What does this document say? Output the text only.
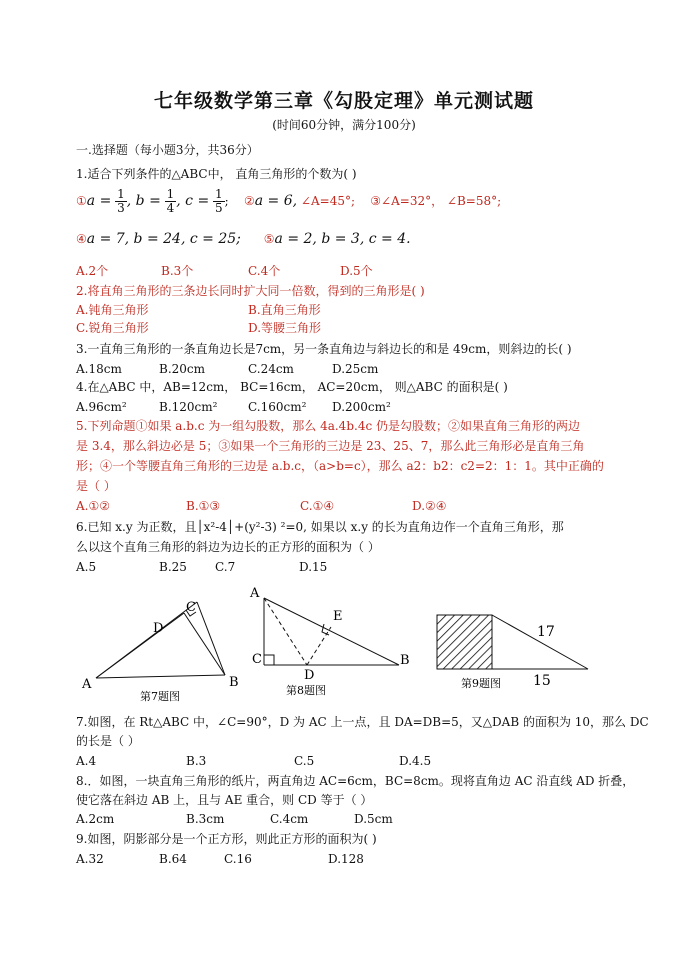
七年级数学第三章《勾股定理》单元测试题
(时间60分钟，满分100分)
一.选择题（每小题3分，共36分）
1.适合下列条件的△ABC中， 直角三角形的个数为( )
①a = $\frac{1}{3}$ , $b = \frac{1}{4}$ , $c = \frac{1}{5}$ ; ②a = 6, ∠A=45°; ③∠A=32°， ∠B=58°;
④a = 7, b = 24, c = 25; ⑤a = 2, b = 3, c = 4.
A.2个	B.3个	C.4个	D.5个
2.将直角三角形的三条边长同时扩大同一倍数，得到的三角形是( )
A.钝角三角形	B.直角三角形
C.锐角三角形	D.等腰三角形
3.一直角三角形的一条直角边长是7cm，另一条直角边与斜边长的和是 49cm，则斜边的长( )
A.18cm	B.20cm	C.24cm	D.25cm
4.在△ABC 中，AB=12cm， BC=16cm， AC=20cm， 则△ABC 的面积是( )
A.96cm²	B.120cm²	C.160cm² D.200cm²
5.下列命题①如果 a.b.c 为一组勾股数，那么 4a.4b.4c 仍是勾股数；②如果直角三角形的两边
是 3.4，那么斜边必是 5；③如果一个三角形的三边是 23、25、7，那么此三角形必是直角三角
形；④一个等腰直角三角形的三边是 a.b.c，（a>b=c），那么 a2：b2：c2=2：1：1。其中正确的
是（ ）
A.①②	B.①③	C.①④	D.②④
6.已知 x.y 为正数，且│x²-4│+(y²-3) ²=0, 如果以 x.y 的长为直角边作一个直角三角形，那
么以这个直角三角形的斜边为边长的正方形的面积为（ ）
A.5	B.25 C.7	D.15
A	B
C
D
第7题图
A
B
C
D
E
第8题图
17
15
第9题图
7.如图，在 Rt△ABC 中，∠C=90°，D 为 AC 上一点，且 DA=DB=5，又△DAB 的面积为 10，那么 DC
的长是（ ）
A.4	B.3	C.5	D.4.5
8.．如图，一块直角三角形的纸片，两直角边 AC=6cm，BC=8cm。现将直角边 AC 沿直线 AD 折叠，
使它落在斜边 AB 上，且与 AE 重合，则 CD 等于（ ）
A.2cm	B.3cm	C.4cm	D.5cm
9.如图，阴影部分是一个正方形，则此正方形的面积为( )
A.32	B.64	C.16	D.128
